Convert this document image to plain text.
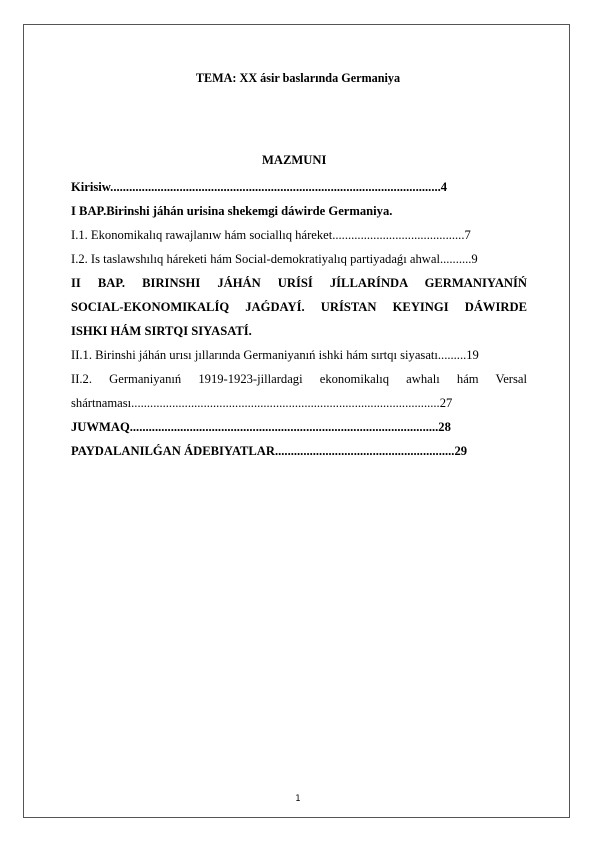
TEMA: XX ásir baslarında Germaniya
MAZMUNI
Kirisiw.........................................................................................................4
I BAP.Birinshi jáhán urisina shekemgi dáwirde Germaniya.
I.1. Ekonomikalıq rawajlanıw hám sociallıq háreket..........................................7
I.2. Is taslawshılıq háreketi hám Social-demokratiyalıq partiyadaǵı ahwal..........9
II BAP. BIRINSHI JÁHÁN URÍSÍ JÍLLARÍNDA GERMANIYANÍŃ
SOCIAL-EKONOMIKALÍQ JAǴDAYÍ. URÍSTAN KEYINGI DÁWIRDE
ISHKI HÁM SIRTQI SIYASATÍ.
II.1. Birinshi jáhán urısı jıllarında Germaniyanıń ishki hám sırtqı siyasatı.........19
II.2. Germaniyanıń 1919-1923-jillardagi ekonomikalıq awhalı hám Versal
shártnaması..................................................................................................27
JUWMAQ..................................................................................................28
PAYDALANILǴAN ÁDEBIYATLAR.........................................................29
1
